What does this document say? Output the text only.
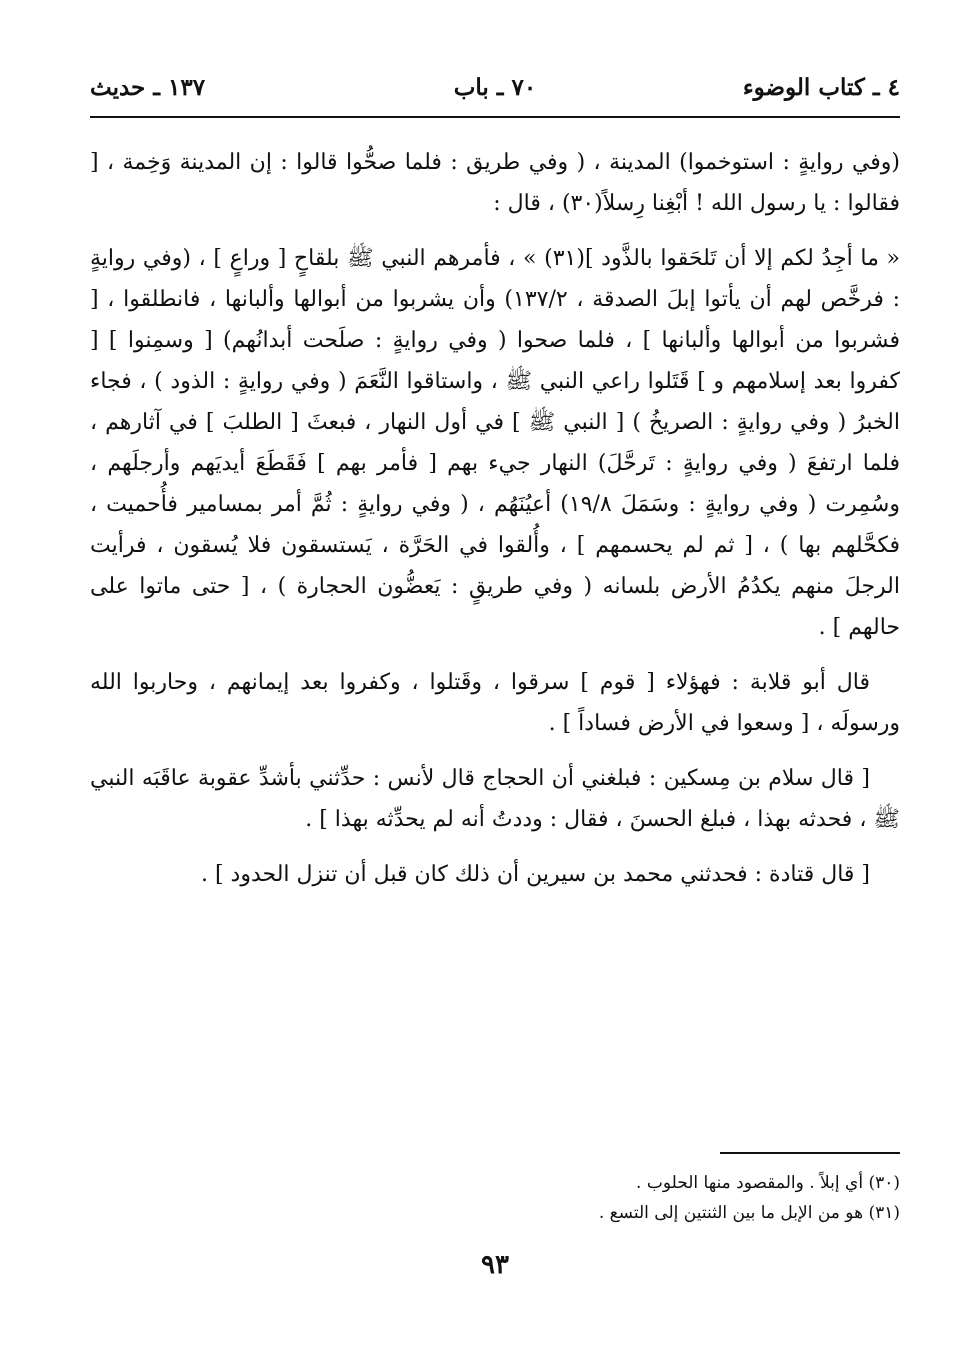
٤ ـ كتاب الوضوء
٧٠ ـ باب
١٣٧ ـ حديث

(وفي روايةٍ : استوخموا) المدينة ، ( وفي طريق : فلما صحُّوا قالوا : إن المدينة وَخِمة ، [ فقالوا : يا رسول الله ! أبْغِنا رِسلاً(٣٠) ، قال :

« ما أجِدُ لكم إلا أن تَلحَقوا بالذَّود ](٣١) » ، فأمرهم النبي ﷺ بلقاحٍ [ وراعٍ ] ، (وفي روايةٍ : فرخَّص لهم أن يأتوا إبلَ الصدقة ، ١٣٧/٢) وأن يشربوا من أبوالها وألبانها ، فانطلقوا ، [ فشربوا من أبوالها وألبانها ] ، فلما صحوا ( وفي روايةٍ : صلَحت أبدانُهم) [ وسمِنوا ] [ كفروا بعد إسلامهم و ] قَتَلوا راعي النبي ﷺ ، واستاقوا النَّعَمَ ( وفي روايةٍ : الذود ) ، فجاء الخبرُ ( وفي روايةٍ : الصريخُ ) [ النبي ﷺ ] في أول النهار ، فبعثَ [ الطلبَ ] في آثارهم ، فلما ارتفعَ ( وفي روايةٍ : تَرحَّلَ) النهار جيء بهم [ فأمر بهم ] فَقَطَعَ أيديَهم وأرجلَهم ، وسُمِرت ( وفي روايةٍ : وسَمَلَ ١٩/٨) أعيُنَهُم ، ( وفي روايةٍ : ثُمَّ أمر بمسامير فأُحميت ، فكحَّلهم بها ) ، [ ثم لم يحسمهم ] ، وأُلقوا في الحَرَّة ، يَستسقون فلا يُسقون ، فرأيت الرجلَ منهم يكدُمُ الأرض بلسانه ( وفي طريقٍ : يَعضُّون الحجارة ) ، [ حتى ماتوا على حالهم ] .

قال أبو قلابة : فهؤلاء [ قوم ] سرقوا ، وقَتلوا ، وكفروا بعد إيمانهم ، وحاربوا الله ورسولَه ، [ وسعوا في الأرض فساداً ] .

[ قال سلام بن مِسكين : فبلغني أن الحجاج قال لأنس : حدِّثني بأشدِّ عقوبة عاقَبَه النبي ﷺ ، فحدثه بهذا ، فبلغ الحسنَ ، فقال : وددتُ أنه لم يحدِّثه بهذا ] .

[ قال قتادة : فحدثني محمد بن سيرين أن ذلك كان قبل أن تنزل الحدود ] .

(٣٠) أي إبلاً . والمقصود منها الحلوب .
(٣١) هو من الإبل ما بين الثنتين إلى التسع .
٩٣
